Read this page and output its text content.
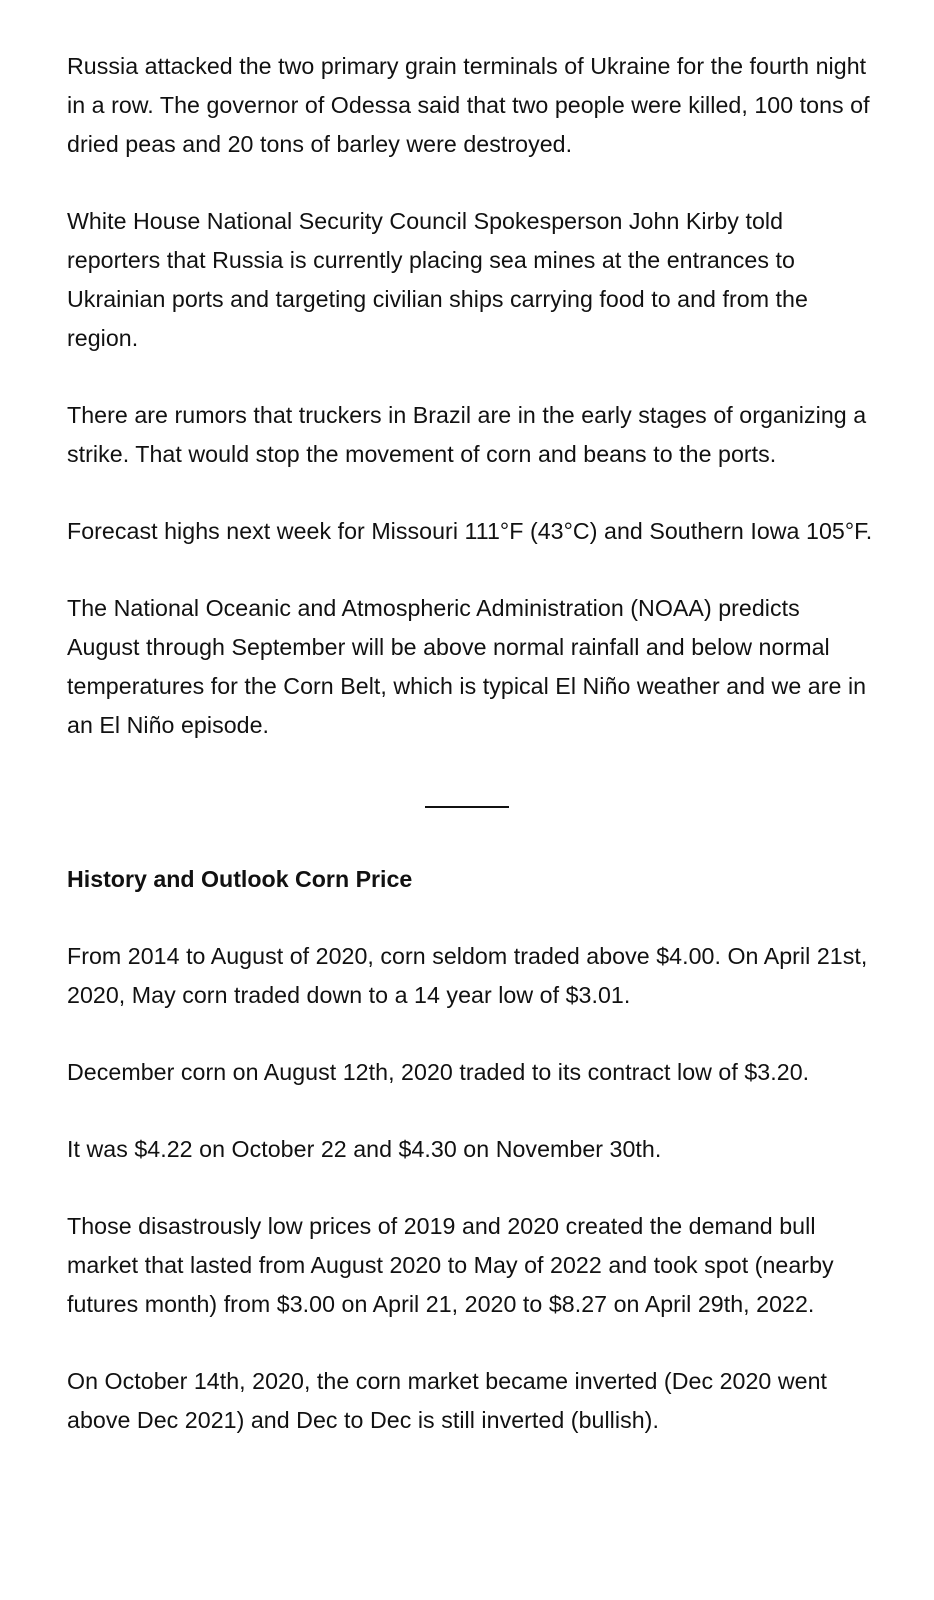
Russia attacked the two primary grain terminals of Ukraine for the fourth night in a row. The governor of Odessa said that two people were killed, 100 tons of dried peas and 20 tons of barley were destroyed.

White House National Security Council Spokesperson John Kirby told reporters that Russia is currently placing sea mines at the entrances to Ukrainian ports and targeting civilian ships carrying food to and from the region.

There are rumors that truckers in Brazil are in the early stages of organizing a strike. That would stop the movement of corn and beans to the ports.

Forecast highs next week for Missouri 111°F (43°C) and Southern Iowa 105°F.

The National Oceanic and Atmospheric Administration (NOAA) predicts August through September will be above normal rainfall and below normal temperatures for the Corn Belt, which is typical El Niño weather and we are in an El Niño episode.

History and Outlook Corn Price

From 2014 to August of 2020, corn seldom traded above $4.00. On April 21st, 2020, May corn traded down to a 14 year low of $3.01.

December corn on August 12th, 2020 traded to its contract low of $3.20.

It was $4.22 on October 22 and $4.30 on November 30th.

Those disastrously low prices of 2019 and 2020 created the demand bull market that lasted from August 2020 to May of 2022 and took spot (nearby futures month) from $3.00 on April 21, 2020 to $8.27 on April 29th, 2022.

On October 14th, 2020, the corn market became inverted (Dec 2020 went above Dec 2021) and Dec to Dec is still inverted (bullish).
